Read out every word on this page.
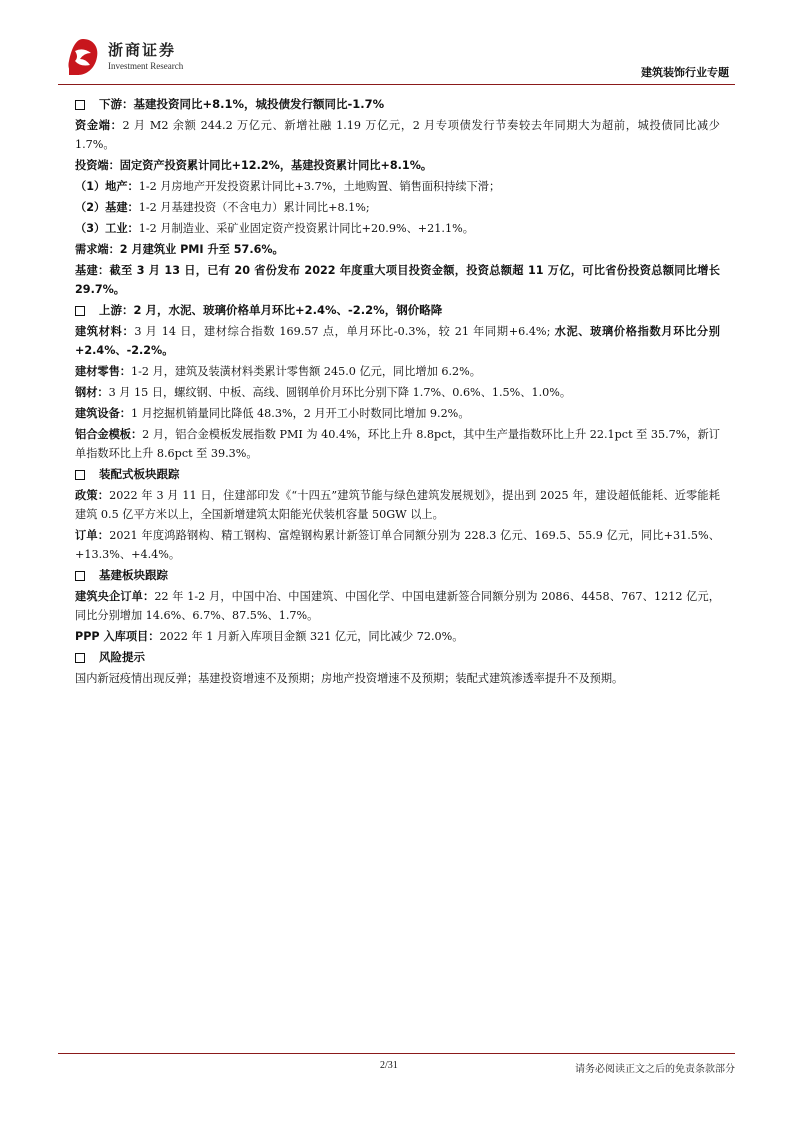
浙商证券
Investment Research	建筑装饰行业专题
下游：基建投资同比+8.1%，城投债发行额同比-1.7%

资金端：2 月 M2 余额 244.2 万亿元、新增社融 1.19 万亿元，2 月专项债发行节奏较去年同期大为超前，城投债同比减少 1.7%。

投资端：固定资产投资累计同比+12.2%，基建投资累计同比+8.1%。

（1）地产：1-2 月房地产开发投资累计同比+3.7%，土地购置、销售面积持续下滑；

（2）基建：1-2 月基建投资（不含电力）累计同比+8.1%;

（3）工业：1-2 月制造业、采矿业固定资产投资累计同比+20.9%、+21.1%。

需求端：2 月建筑业 PMI 升至 57.6%。

基建：截至 3 月 13 日，已有 20 省份发布 2022 年度重大项目投资金额，投资总额超 11 万亿，可比省份投资总额同比增长 29.7%。

上游：2 月，水泥、玻璃价格单月环比+2.4%、-2.2%，钢价略降

建筑材料：3 月 14 日，建材综合指数 169.57 点，单月环比-0.3%，较 21 年同期+6.4%; 水泥、玻璃价格指数月环比分别+2.4%、-2.2%。

建材零售：1-2 月，建筑及装潢材料类累计零售额 245.0 亿元，同比增加 6.2%。

钢材：3 月 15 日，螺纹钢、中板、高线、圆钢单价月环比分别下降 1.7%、0.6%、1.5%、1.0%。

建筑设备：1 月挖掘机销量同比降低 48.3%，2 月开工小时数同比增加 9.2%。

铝合金模板：2 月，铝合金模板发展指数 PMI 为 40.4%，环比上升 8.8pct，其中生产量指数环比上升 22.1pct 至 35.7%，新订单指数环比上升 8.6pct 至 39.3%。

装配式板块跟踪

政策：2022 年 3 月 11 日，住建部印发《“十四五”建筑节能与绿色建筑发展规划》，提出到 2025 年，建设超低能耗、近零能耗建筑 0.5 亿平方米以上，全国新增建筑太阳能光伏装机容量 50GW 以上。

订单：2021 年度鸿路钢构、精工钢构、富煌钢构累计新签订单合同额分别为 228.3 亿元、169.5、55.9 亿元，同比+31.5%、+13.3%、+4.4%。

基建板块跟踪

建筑央企订单：22 年 1-2 月，中国中冶、中国建筑、中国化学、中国电建新签合同额分别为 2086、4458、767、1212 亿元，同比分别增加 14.6%、6.7%、87.5%、1.7%。

PPP 入库项目：2022 年 1 月新入库项目金额 321 亿元，同比减少 72.0%。

风险提示

国内新冠疫情出现反弹；基建投资增速不及预期；房地产投资增速不及预期；装配式建筑渗透率提升不及预期。

2/31	请务必阅读正文之后的免责条款部分
